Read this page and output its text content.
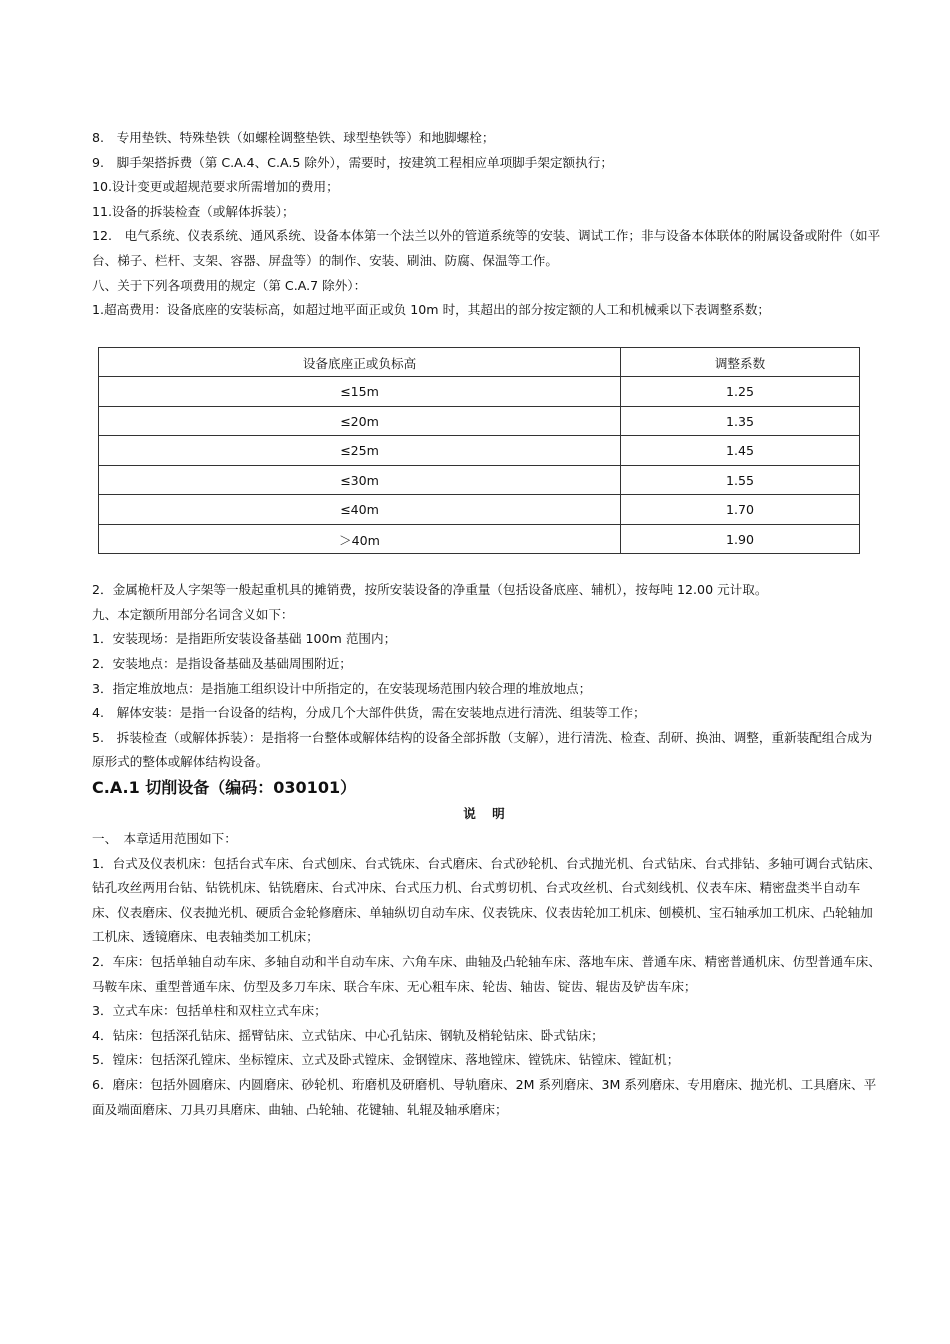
8.　专用垫铁、特殊垫铁（如螺栓调整垫铁、球型垫铁等）和地脚螺栓；

9.　脚手架搭拆费（第 C.A.4、C.A.5 除外），需要时，按建筑工程相应单项脚手架定额执行；

10.设计变更或超规范要求所需增加的费用；

11.设备的拆装检查（或解体拆装）；

12.　电气系统、仪表系统、通风系统、设备本体第一个法兰以外的管道系统等的安装、调试工作；非与设备本体联体的附属设备或附件（如平台、梯子、栏杆、支架、容器、屏盘等）的制作、安装、刷油、防腐、保温等工作。

八、关于下列各项费用的规定（第 C.A.7 除外）：

1.超高费用：设备底座的安装标高，如超过地平面正或负 10m 时，其超出的部分按定额的人工和机械乘以下表调整系数；

设备底座正或负标高	调整系数
≤15m	1.25
≤20m	1.35
≤25m	1.45
≤30m	1.55
≤40m	1.70
＞40m	1.90

2．金属桅杆及人字架等一般起重机具的摊销费，按所安装设备的净重量（包括设备底座、辅机），按每吨 12.00 元计取。

九、本定额所用部分名词含义如下：

1．安装现场：是指距所安装设备基础 100m 范围内；

2．安装地点：是指设备基础及基础周围附近；

3．指定堆放地点：是指施工组织设计中所指定的，在安装现场范围内较合理的堆放地点；

4.　解体安装：是指一台设备的结构，分成几个大部件供货，需在安装地点进行清洗、组装等工作；

5.　拆装检查（或解体拆装）：是指将一台整体或解体结构的设备全部拆散（支解），进行清洗、检查、刮研、换油、调整，重新装配组合成为原形式的整体或解体结构设备。

C.A.1 切削设备（编码：030101）

说 明

一、　本章适用范围如下：

1．台式及仪表机床：包括台式车床、台式刨床、台式铣床、台式磨床、台式砂轮机、台式抛光机、台式钻床、台式排钻、多轴可调台式钻床、钻孔攻丝两用台钻、钻铣机床、钻铣磨床、台式冲床、台式压力机、台式剪切机、台式攻丝机、台式刻线机、仪表车床、精密盘类半自动车床、仪表磨床、仪表抛光机、硬质合金轮修磨床、单轴纵切自动车床、仪表铣床、仪表齿轮加工机床、刨模机、宝石轴承加工机床、凸轮轴加工机床、透镜磨床、电表轴类加工机床；

2．车床：包括单轴自动车床、多轴自动和半自动车床、六角车床、曲轴及凸轮轴车床、落地车床、普通车床、精密普通机床、仿型普通车床、马鞍车床、重型普通车床、仿型及多刀车床、联合车床、无心粗车床、轮齿、轴齿、锭齿、辊齿及铲齿车床；

3．立式车床：包括单柱和双柱立式车床；

4．钻床：包括深孔钻床、摇臂钻床、立式钻床、中心孔钻床、钢轨及梢轮钻床、卧式钻床；

5．镗床：包括深孔镗床、坐标镗床、立式及卧式镗床、金钢镗床、落地镗床、镗铣床、钻镗床、镗缸机；

6．磨床：包括外圆磨床、内圆磨床、砂轮机、珩磨机及研磨机、导轨磨床、2M 系列磨床、3M 系列磨床、专用磨床、抛光机、工具磨床、平面及端面磨床、刀具刃具磨床、曲轴、凸轮轴、花键轴、轧辊及轴承磨床；
